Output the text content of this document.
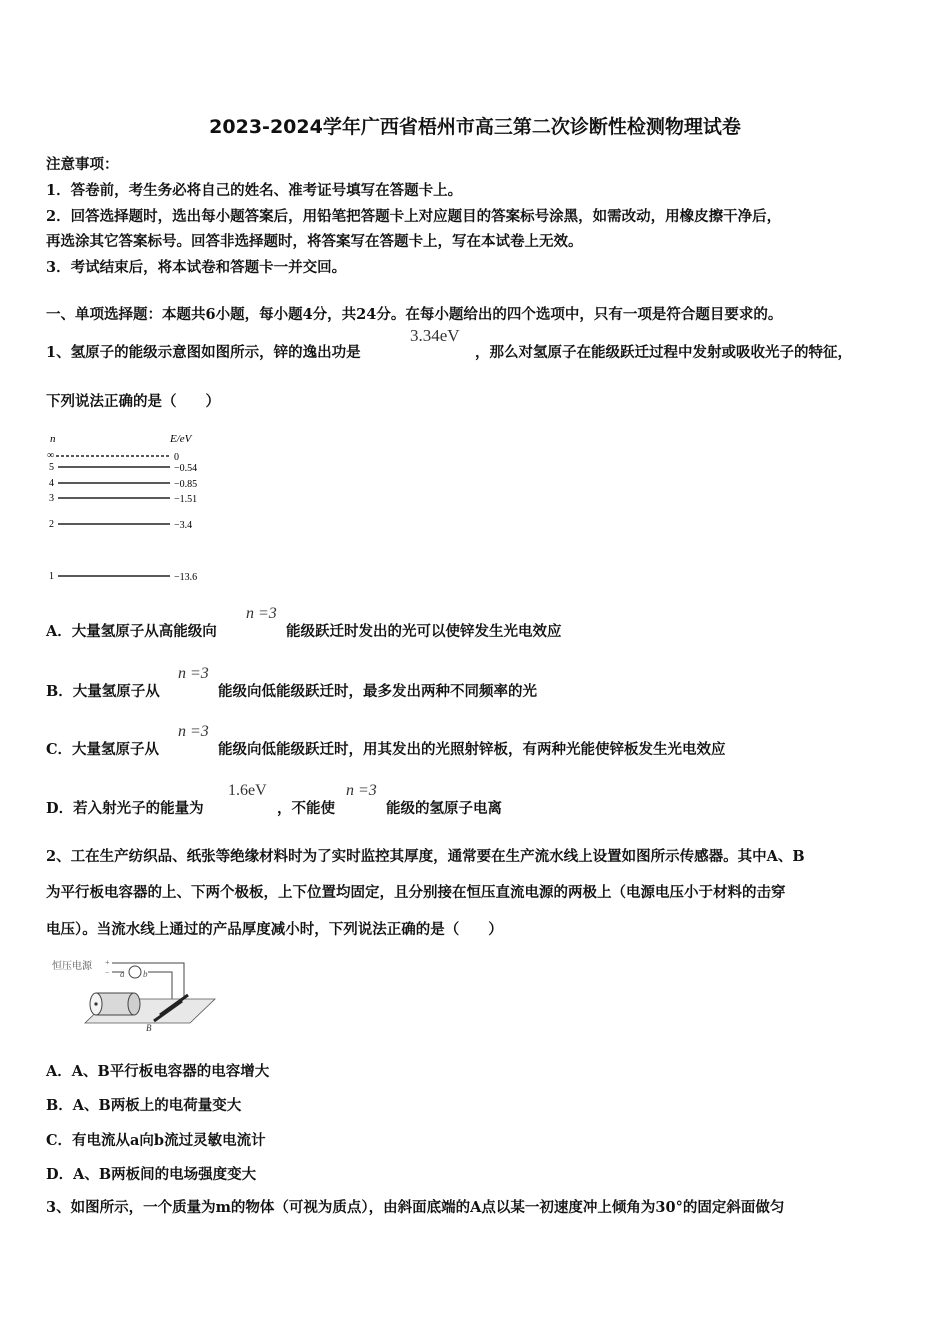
2023-2024学年广西省梧州市高三第二次诊断性检测物理试卷
注意事项：
1．答卷前，考生务必将自己的姓名、准考证号填写在答题卡上。
2．回答选择题时，选出每小题答案后，用铅笔把答题卡上对应题目的答案标号涂黑，如需改动，用橡皮擦干净后，
再选涂其它答案标号。回答非选择题时，将答案写在答题卡上，写在本试卷上无效。
3．考试结束后，将本试卷和答题卡一并交回。
一、单项选择题：本题共6小题，每小题4分，共24分。在每小题给出的四个选项中，只有一项是符合题目要求的。
1、氢原子的能级示意图如图所示，锌的逸出功是
3.34eV
，那么对氢原子在能级跃迁过程中发射或吸收光子的特征，
下列说法正确的是（　　）
n	E/eV
∞	0
5	−0.54
4	−0.85
3	−1.51
2	−3.4
1	−13.6
A．大量氢原子从高能级向
n =3
能级跃迁时发出的光可以使锌发生光电效应
B．大量氢原子从
n =3
能级向低能级跃迁时，最多发出两种不同频率的光
C．大量氢原子从
n =3
能级向低能级跃迁时，用其发出的光照射锌板，有两种光能使锌板发生光电效应
D．若入射光子的能量为
1.6eV
，不能使
n =3
能级的氢原子电离
2、工在生产纺织品、纸张等绝缘材料时为了实时监控其厚度，通常要在生产流水线上设置如图所示传感器。其中A、B
为平行板电容器的上、下两个极板，上下位置均固定，且分别接在恒压直流电源的两极上（电源电压小于材料的击穿
电压）。当流水线上通过的产品厚度减小时，下列说法正确的是（　　）
恒压电源 +
− a b
B
A．A、B平行板电容器的电容增大
B．A、B两板上的电荷量变大
C．有电流从a向b流过灵敏电流计
D．A、B两板间的电场强度变大
3、如图所示，一个质量为m的物体（可视为质点），由斜面底端的A点以某一初速度冲上倾角为30°的固定斜面做匀
